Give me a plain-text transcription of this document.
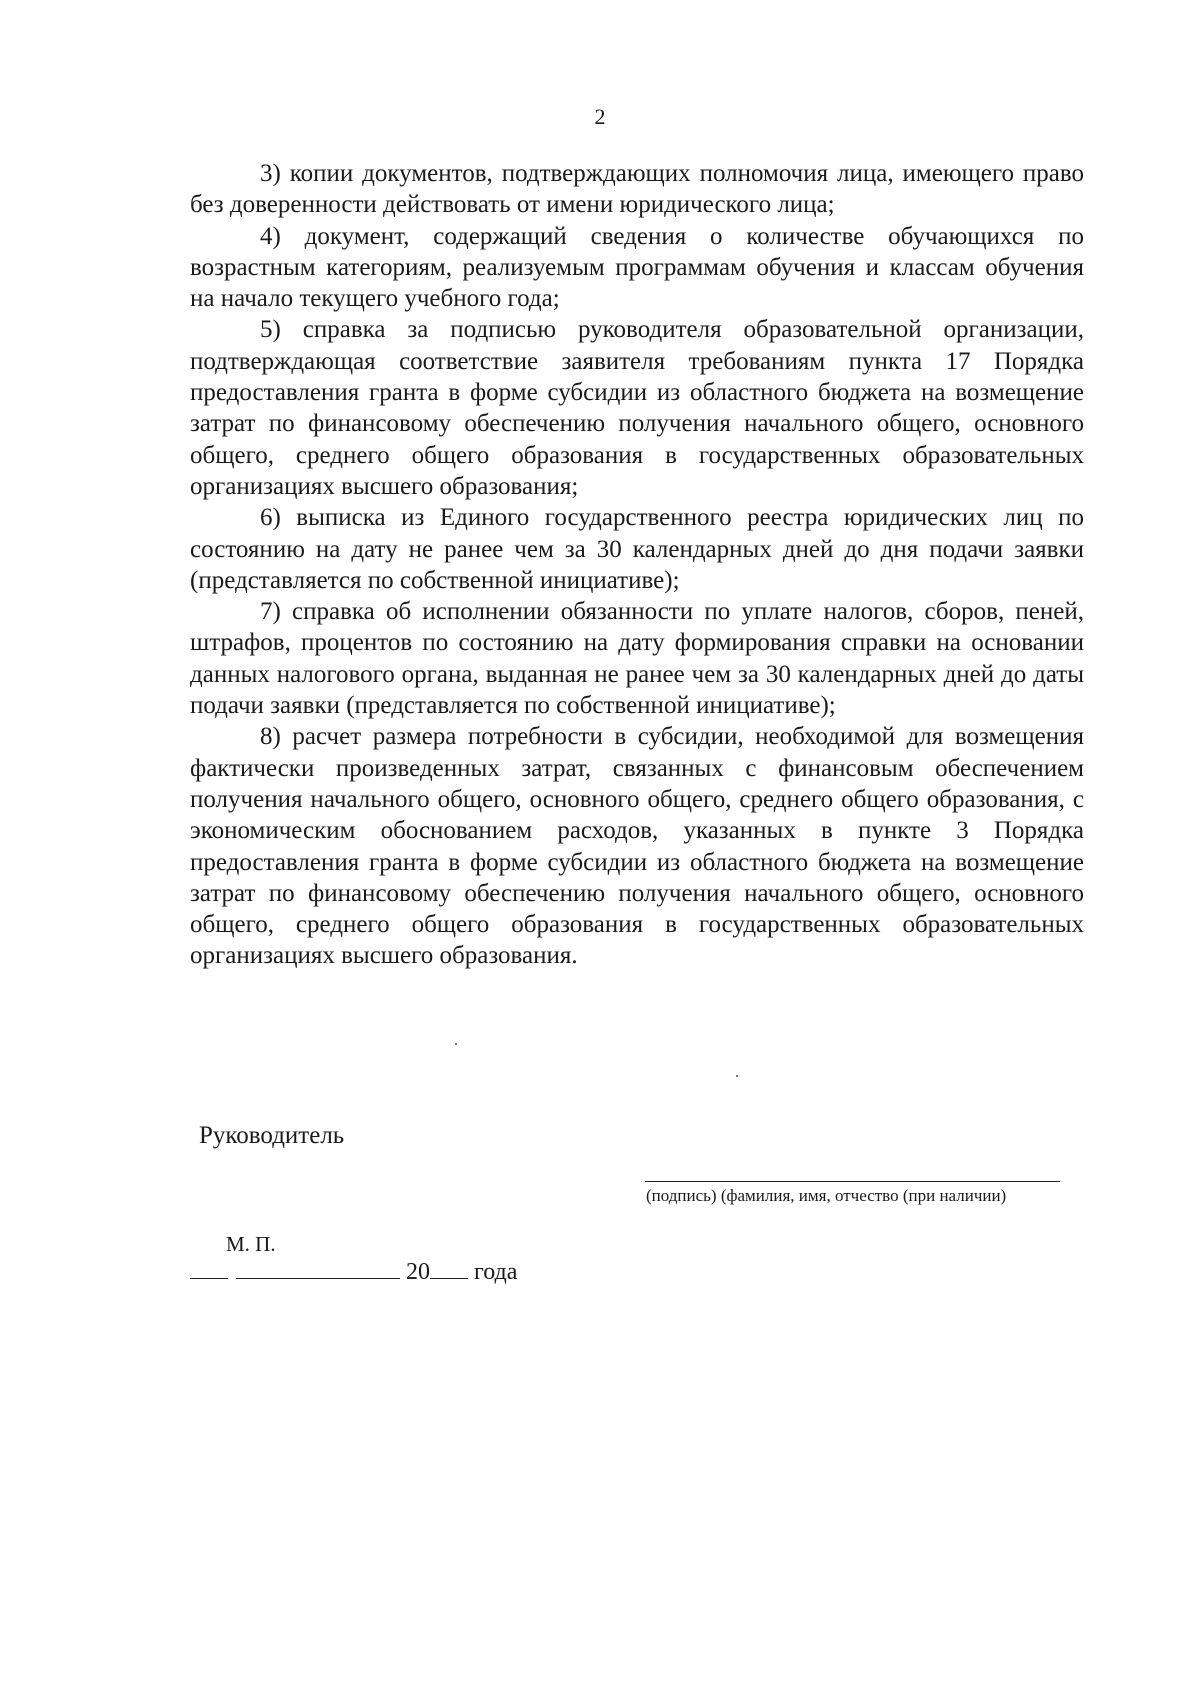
2

3) копии документов, подтверждающих полномочия лица, имеющего право без доверенности действовать от имени юридического лица;

4) документ, содержащий сведения о количестве обучающихся по возрастным категориям, реализуемым программам обучения и классам обучения на начало текущего учебного года;

5) справка за подписью руководителя образовательной организации, подтверждающая соответствие заявителя требованиям пункта 17 Порядка предоставления гранта в форме субсидии из областного бюджета на возмещение затрат по финансовому обеспечению получения начального общего, основного общего, среднего общего образования в государственных образовательных организациях высшего образования;

6) выписка из Единого государственного реестра юридических лиц по состоянию на дату не ранее чем за 30 календарных дней до дня подачи заявки (представляется по собственной инициативе);

7) справка об исполнении обязанности по уплате налогов, сборов, пеней, штрафов, процентов по состоянию на дату формирования справки на основании данных налогового органа, выданная не ранее чем за 30 календарных дней до даты подачи заявки (представляется по собственной инициативе);

8) расчет размера потребности в субсидии, необходимой для возмещения фактически произведенных затрат, связанных с финансовым обеспечением получения начального общего, основного общего, среднего общего образования, с экономическим обоснованием расходов, указанных в пункте 3 Порядка предоставления гранта в форме субсидии из областного бюджета на возмещение затрат по финансовому обеспечению получения начального общего, основного общего, среднего общего образования в государственных образовательных организациях высшего образования.

Руководитель
(подпись) (фамилия, имя, отчество (при наличии)
М. П.
20 года
